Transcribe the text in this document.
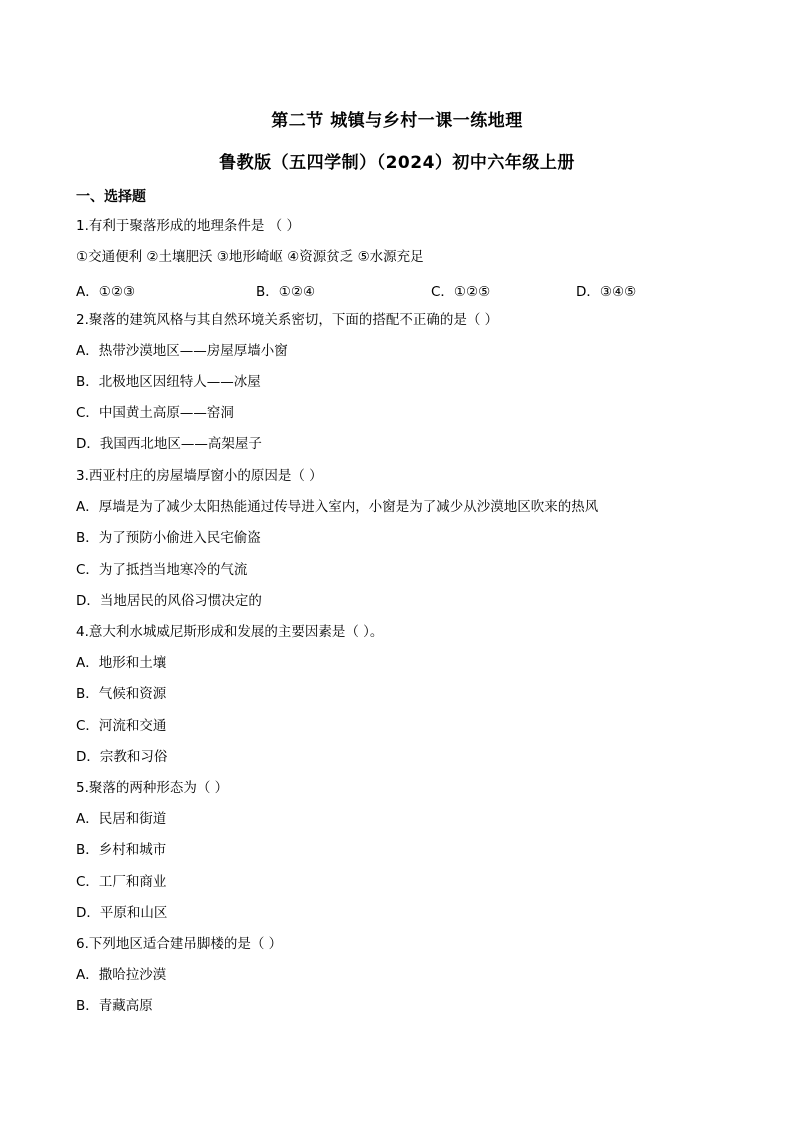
第二节 城镇与乡村一课一练地理
鲁教版（五四学制）（2024）初中六年级上册
一、选择题
1.有利于聚落形成的地理条件是 （ ）
①交通便利 ②土壤肥沃 ③地形崎岖 ④资源贫乏 ⑤水源充足
A．①②③	B．①②④	C．①②⑤	D．③④⑤
2.聚落的建筑风格与其自然环境关系密切，下面的搭配不正确的是（ ）
A．热带沙漠地区——房屋厚墙小窗
B．北极地区因纽特人——冰屋
C．中国黄土高原——窑洞
D．我国西北地区——高架屋子
3.西亚村庄的房屋墙厚窗小的原因是（ ）
A．厚墙是为了减少太阳热能通过传导进入室内，小窗是为了减少从沙漠地区吹来的热风
B．为了预防小偷进入民宅偷盗
C．为了抵挡当地寒冷的气流
D．当地居民的风俗习惯决定的
4.意大利水城威尼斯形成和发展的主要因素是（ ）。
A．地形和土壤
B．气候和资源
C．河流和交通
D．宗教和习俗
5.聚落的两种形态为（ ）
A．民居和街道
B．乡村和城市
C．工厂和商业
D．平原和山区
6.下列地区适合建吊脚楼的是（ ）
A．撒哈拉沙漠
B．青藏高原
